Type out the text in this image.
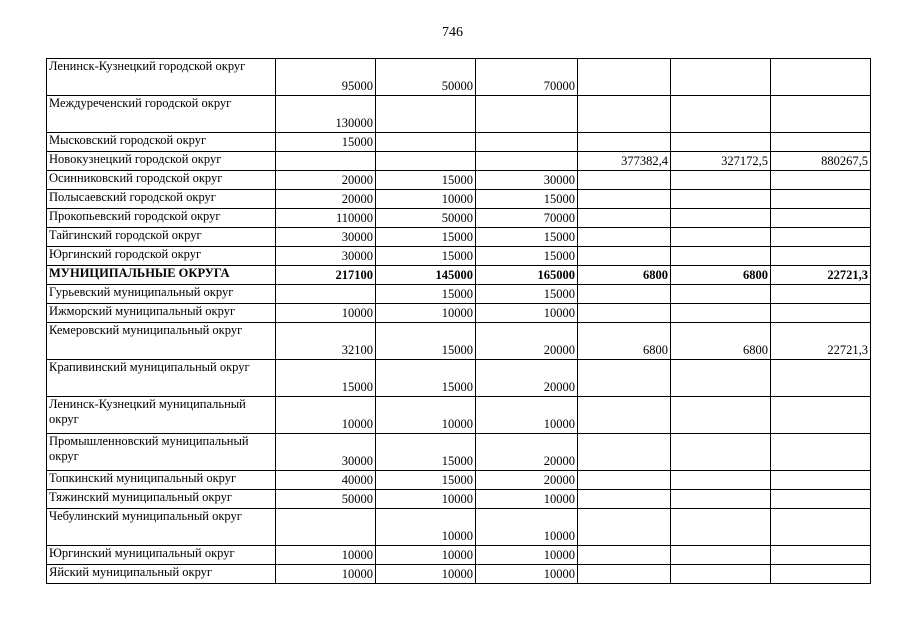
746
Ленинск-Кузнецкий городской округ	95000	50000	70000			
Междуреченский городской округ	130000					
Мысковский городской округ	15000					
Новокузнецкий городской округ				377382,4	327172,5	880267,5
Осинниковский городской округ	20000	15000	30000			
Полысаевский городской округ	20000	10000	15000			
Прокопьевский городской округ	110000	50000	70000			
Тайгинский городской округ	30000	15000	15000			
Юргинский городской округ	30000	15000	15000			
МУНИЦИПАЛЬНЫЕ ОКРУГА	217100	145000	165000	6800	6800	22721,3
Гурьевский муниципальный округ		15000	15000			
Ижморский муниципальный округ	10000	10000	10000			
Кемеровский муниципальный округ	32100	15000	20000	6800	6800	22721,3
Крапивинский муниципальный округ	15000	15000	20000			
Ленинск-Кузнецкий муниципальный округ	10000	10000	10000			
Промышленновский муниципальный округ	30000	15000	20000			
Топкинский муниципальный округ	40000	15000	20000			
Тяжинский муниципальный округ	50000	10000	10000			
Чебулинский муниципальный округ		10000	10000			
Юргинский муниципальный округ	10000	10000	10000			
Яйский муниципальный округ	10000	10000	10000			
